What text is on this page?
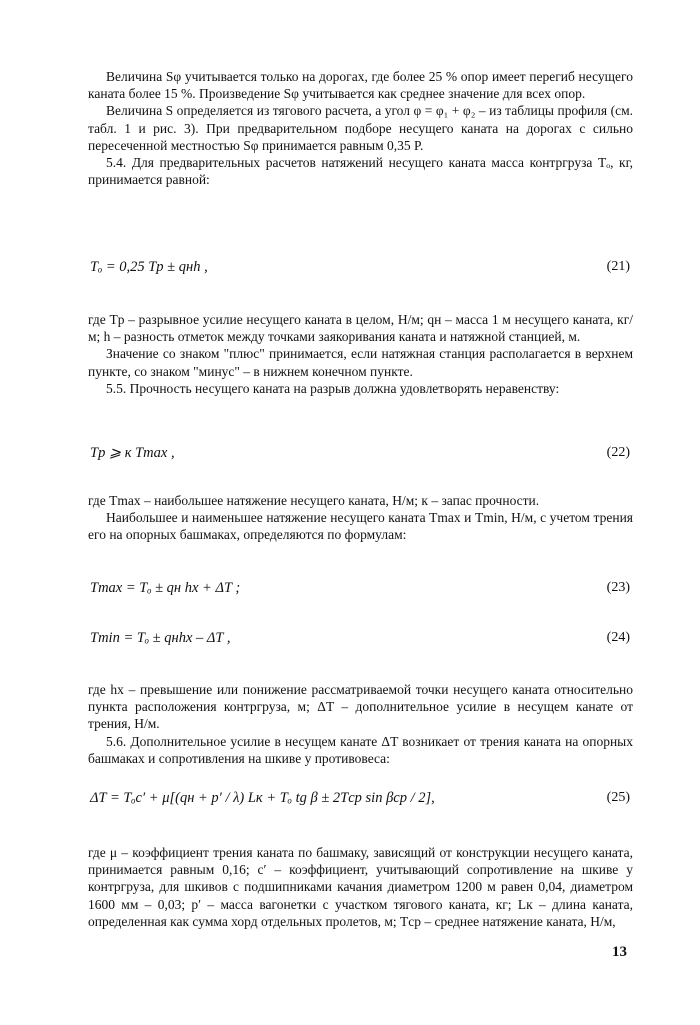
Величина Sφ учитывается только на дорогах, где более 25 % опор имеет перегиб несущего каната более 15 %. Произведение Sφ учитывается как среднее значение для всех опор.

Величина S определяется из тягового расчета, а угол φ = φ₁ + φ₂ – из таблицы профиля (см. табл. 1 и рис. 3). При предварительном подборе несущего каната на дорогах с сильно пересеченной местностью Sφ принимается равным 0,35 P.

5.4. Для предварительных расчетов натяжений несущего каната масса контргруза Tₒ, кг, принимается равной:

Tₒ = 0,25 Tр ± qнh ,	(21)

где Tр – разрывное усилие несущего каната в целом, Н/м; qн – масса 1 м несущего каната, кг/м; h – разность отметок между точками заякоривания каната и натяжной станцией, м.

Значение со знаком "плюс" принимается, если натяжная станция располагается в верхнем пункте, со знаком "минус" – в нижнем конечном пункте.

5.5. Прочность несущего каната на разрыв должна удовлетворять неравенству:

Tр ⩾ к Tmax ,	(22)

где Tmax – наибольшее натяжение несущего каната, Н/м; к – запас прочности.

Наибольшее и наименьшее натяжение несущего каната Tmax и Tmin, Н/м, с учетом трения его на опорных башмаках, определяются по формулам:

Tmax = Tₒ ± qн hx + ΔT ;	(23)
Tmin = Tₒ ± qнhx – ΔT ,	(24)

где hx – превышение или понижение рассматриваемой точки несущего каната относительно пункта расположения контргруза, м; ΔT – дополнительное усилие в несущем канате от трения, Н/м.

5.6. Дополнительное усилие в несущем канате ΔT возникает от трения каната на опорных башмаках и сопротивления на шкиве у противовеса:

ΔT = Tₒc′ + μ[(qн + p′ / λ) Lк + Tₒ tg β ± 2Tср sin βср / 2],	(25)

где μ – коэффициент трения каната по башмаку, зависящий от конструкции несущего каната, принимается равным 0,16; c′ – коэффициент, учитывающий сопротивление на шкиве у контргруза, для шкивов с подшипниками качания диаметром 1200 м равен 0,04, диаметром 1600 мм – 0,03; p′ – масса вагонетки с участком тягового каната, кг; Lк – длина каната, определенная как сумма хорд отдельных пролетов, м; Tср – среднее натяжение каната, Н/м,

13
